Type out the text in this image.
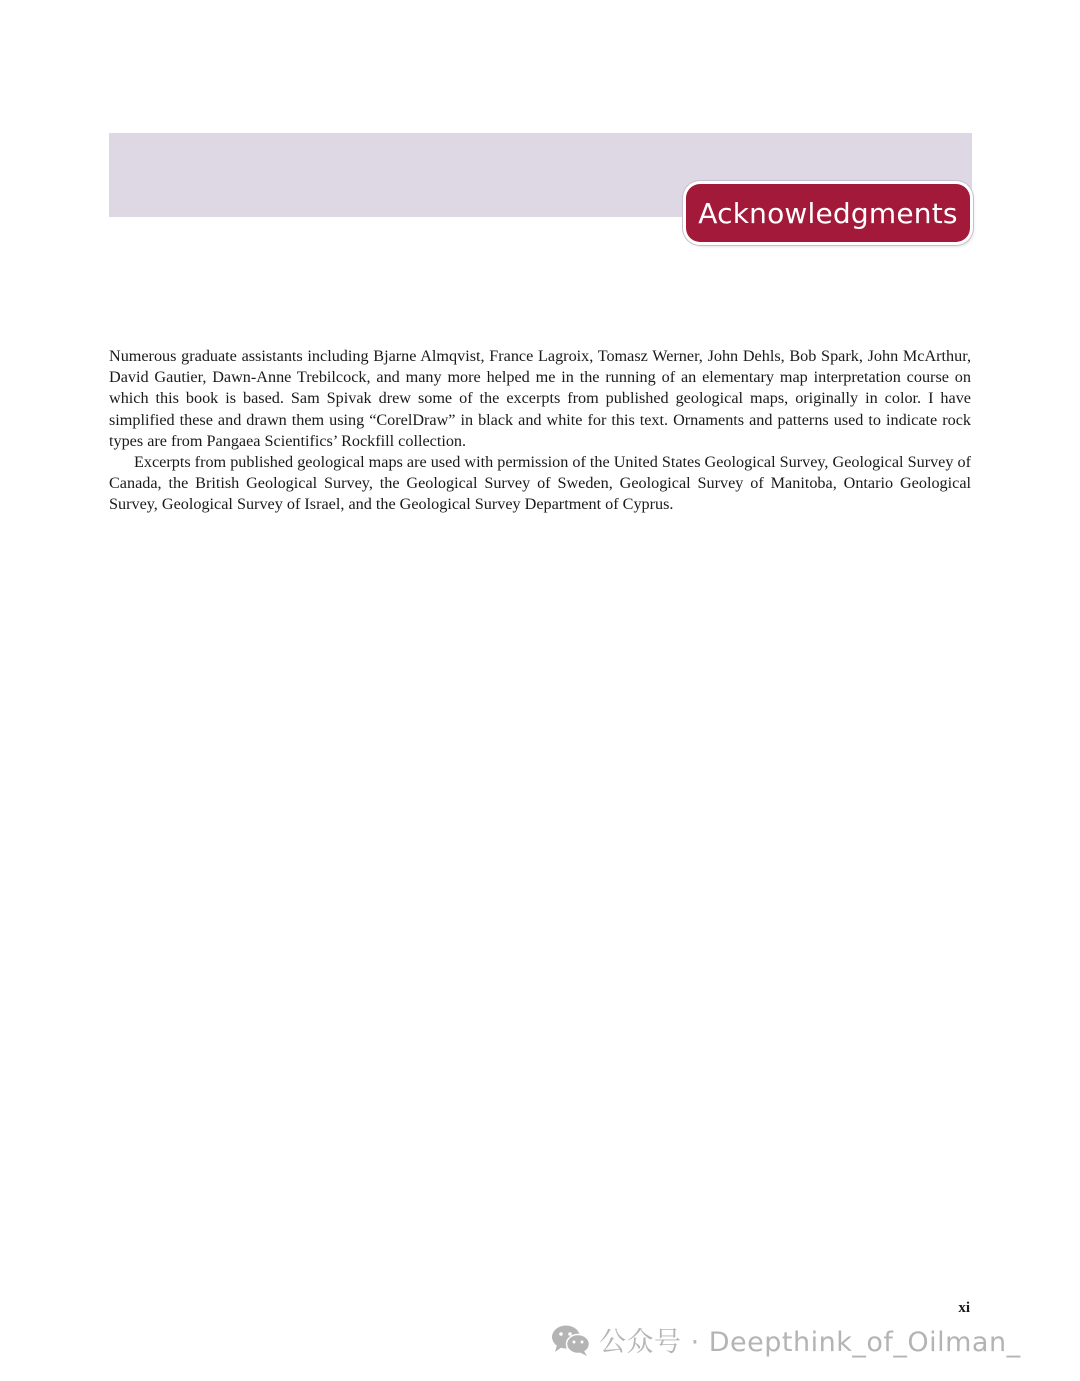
Acknowledgments

Numerous graduate assistants including Bjarne Almqvist, France Lagroix, Tomasz Werner, John Dehls, Bob Spark, John McArthur, David Gautier, Dawn-Anne Trebilcock, and many more helped me in the running of an elementary map interpretation course on which this book is based. Sam Spivak drew some of the excerpts from published geological maps, originally in color. I have simplified these and drawn them using “CorelDraw” in black and white for this text. Ornaments and patterns used to indicate rock types are from Pangaea Scientifics’ Rockfill collection.

Excerpts from published geological maps are used with permission of the United States Geological Survey, Geological Survey of Canada, the British Geological Survey, the Geological Survey of Sweden, Geological Survey of Manitoba, Ontario Geological Survey, Geological Survey of Israel, and the Geological Survey Department of Cyprus.

xi
公众号 · Deepthink_of_Oilman_
